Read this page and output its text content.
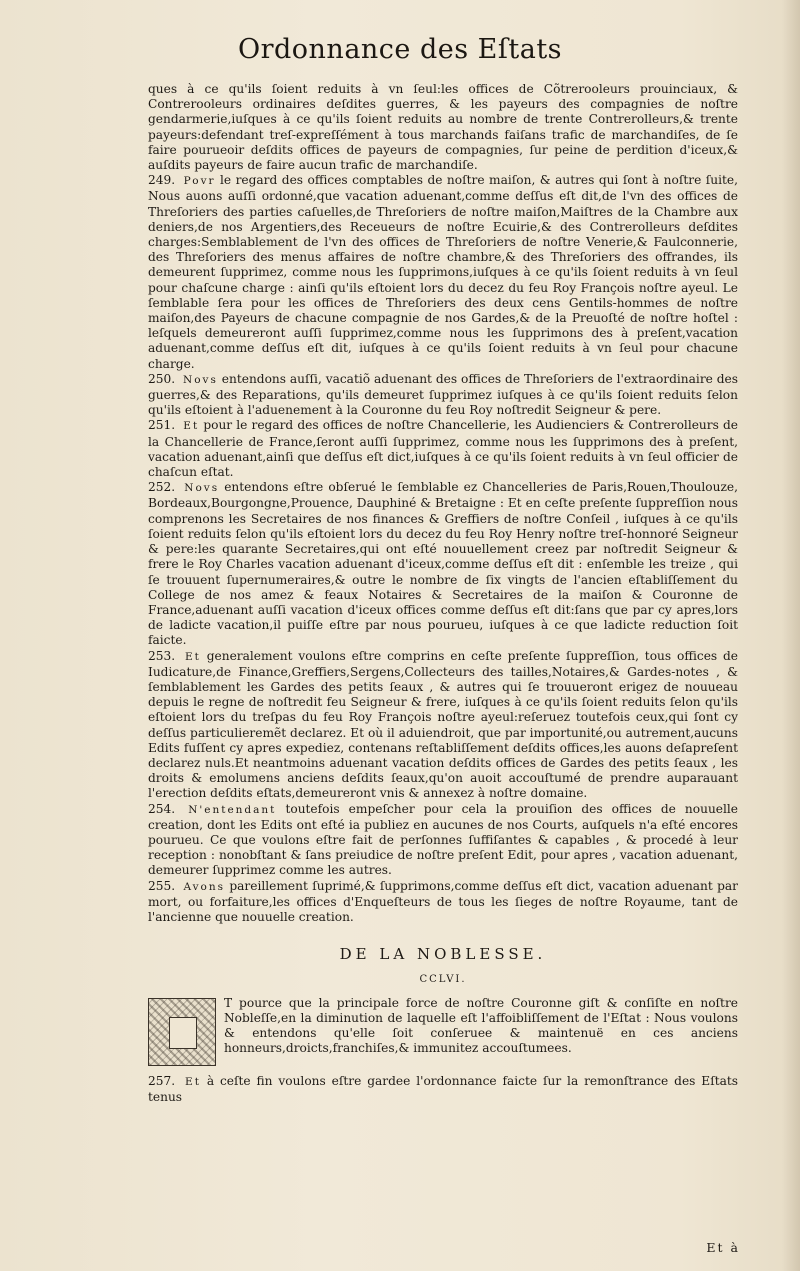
Ordonnance des Eſtats

ques à ce qu'ils ſoient reduits à vn ſeul:les offices de Cõtrerooleurs prouinciaux, & Contrerooleurs ordinaires deſdites guerres, & les payeurs des compagnies de noſtre gendarmerie,iuſques à ce qu'ils ſoient reduits au nombre de trente Contrerolleurs,& trente payeurs:defendant treſ-expreſſément à tous marchands faiſans trafic de marchandiſes, de ſe faire pourueoir deſdits offices de payeurs de compagnies, ſur peine de perdition d'iceux,& auſdits payeurs de faire aucun trafic de marchandiſe.

249. Povr le regard des offices comptables de noſtre maiſon, & autres qui ſont à noſtre ſuite, Nous auons auſſi ordonné,que vacation aduenant,comme deſſus eſt dit,de l'vn des offices de Threſoriers des parties caſuelles,de Threſoriers de noſtre maiſon,Maiſtres de la Chambre aux deniers,de nos Argentiers,des Receueurs de noſtre Ecuirie,& des Contrerolleurs deſdites charges:Semblablement de l'vn des offices de Threſoriers de noſtre Venerie,& Faulconnerie, des Threſoriers des menus affaires de noſtre chambre,& des Threſoriers des offrandes, ils demeurent ſupprimez, comme nous les ſupprimons,iuſques à ce qu'ils ſoient reduits à vn ſeul pour chaſcune charge : ainſi qu'ils eſtoient lors du decez du feu Roy François noſtre ayeul. Le ſemblable ſera pour les offices de Threſoriers des deux cens Gentils-hommes de noſtre maiſon,des Payeurs de chacune compagnie de nos Gardes,& de la Preuoſté de noſtre hoſtel : leſquels demeureront auſſi ſupprimez,comme nous les ſupprimons des à preſent,vacation aduenant,comme deſſus eſt dit, iuſques à ce qu'ils ſoient reduits à vn ſeul pour chacune charge.

250. Novs entendons auſſi, vacatiõ aduenant des offices de Threſoriers de l'extraordinaire des guerres,& des Reparations, qu'ils demeuret ſupprimez iuſques à ce qu'ils ſoient reduits ſelon qu'ils eſtoient à l'aduenement à la Couronne du feu Roy noſtredit Seigneur & pere.

251. Et pour le regard des offices de noſtre Chancellerie, les Audienciers & Contrerolleurs de la Chancellerie de France,ſeront auſſi ſupprimez, comme nous les ſupprimons des à preſent, vacation aduenant,ainſi que deſſus eſt dict,iuſques à ce qu'ils ſoient reduits à vn ſeul officier de chaſcun eſtat.

252. Novs entendons eſtre obſerué le ſemblable ez Chancelleries de Paris,Rouen,Thoulouze, Bordeaux,Bourgongne,Prouence, Dauphiné & Bretaigne : Et en ceſte preſente ſuppreſſion nous comprenons les Secretaires de nos finances & Greffiers de noſtre Conſeil , iuſques à ce qu'ils ſoient reduits ſelon qu'ils eſtoient lors du decez du feu Roy Henry noſtre treſ-honnoré Seigneur & pere:les quarante Secretaires,qui ont eſté nouuellement creez par noſtredit Seigneur & frere le Roy Charles vacation aduenant d'iceux,comme deſſus eſt dit : enſemble les treize , qui ſe trouuent ſupernumeraires,& outre le nombre de ſix vingts de l'ancien eſtabliſſement du College de nos amez & feaux Notaires & Secretaires de la maiſon & Couronne de France,aduenant auſſi vacation d'iceux offices comme deſſus eſt dit:ſans que par cy apres,lors de ladicte vacation,il puiſſe eſtre par nous pourueu, iuſques à ce que ladicte reduction ſoit faicte.

253. Et generalement voulons eſtre comprins en ceſte preſente ſuppreſſion, tous offices de Iudicature,de Finance,Greffiers,Sergens,Collecteurs des tailles,Notaires,& Gardes-notes , & ſemblablement les Gardes des petits ſeaux , & autres qui ſe trouueront erigez de nouueau depuis le regne de noſtredit feu Seigneur & frere, iuſques à ce qu'ils ſoient reduits ſelon qu'ils eſtoient lors du treſpas du feu Roy François noſtre ayeul:reſeruez toutefois ceux,qui ſont cy deſſus particulieremẽt declarez. Et où il aduiendroit, que par importunité,ou autrement,aucuns Edits fuſſent cy apres expediez, contenans reſtabliſſement deſdits offices,les auons deſapreſent declarez nuls.Et neantmoins aduenant vacation deſdits offices de Gardes des petits ſeaux , les droits & emolumens anciens deſdits ſeaux,qu'on auoit accouſtumé de prendre auparauant l'erection deſdits eſtats,demeureront vnis & annexez à noſtre domaine.

254. N'entendant toutefois empeſcher pour cela la prouiſion des offices de nouuelle creation, dont les Edits ont eſté ia publiez en aucunes de nos Courts, auſquels n'a eſté encores pourueu. Ce que voulons eſtre fait de perſonnes ſuffiſantes & capables , & procedé à leur reception : nonobſtant & ſans preiudice de noſtre preſent Edit, pour apres , vacation aduenant, demeurer ſupprimez comme les autres.

255. Avons pareillement ſuprimé,& ſupprimons,comme deſſus eſt dict, vacation aduenant par mort, ou forfaiture,les offices d'Enqueſteurs de tous les ſieges de noſtre Royaume, tant de l'ancienne que nouuelle creation.

DE LA NOBLESSE.
CCLVI.

T pource que la principale force de noſtre Couronne giſt & conſiſte en noſtre Nobleſſe,en la diminution de laquelle eſt l'affoibliſſement de l'Eſtat : Nous voulons & entendons qu'elle ſoit conſeruee & maintenuë en ces anciens honneurs,droicts,franchiſes,& immunitez accouſtumees.

257. Et à ceſte fin voulons eſtre gardee l'ordonnance faicte ſur la remonſtrance des Eſtats tenus

Et à
